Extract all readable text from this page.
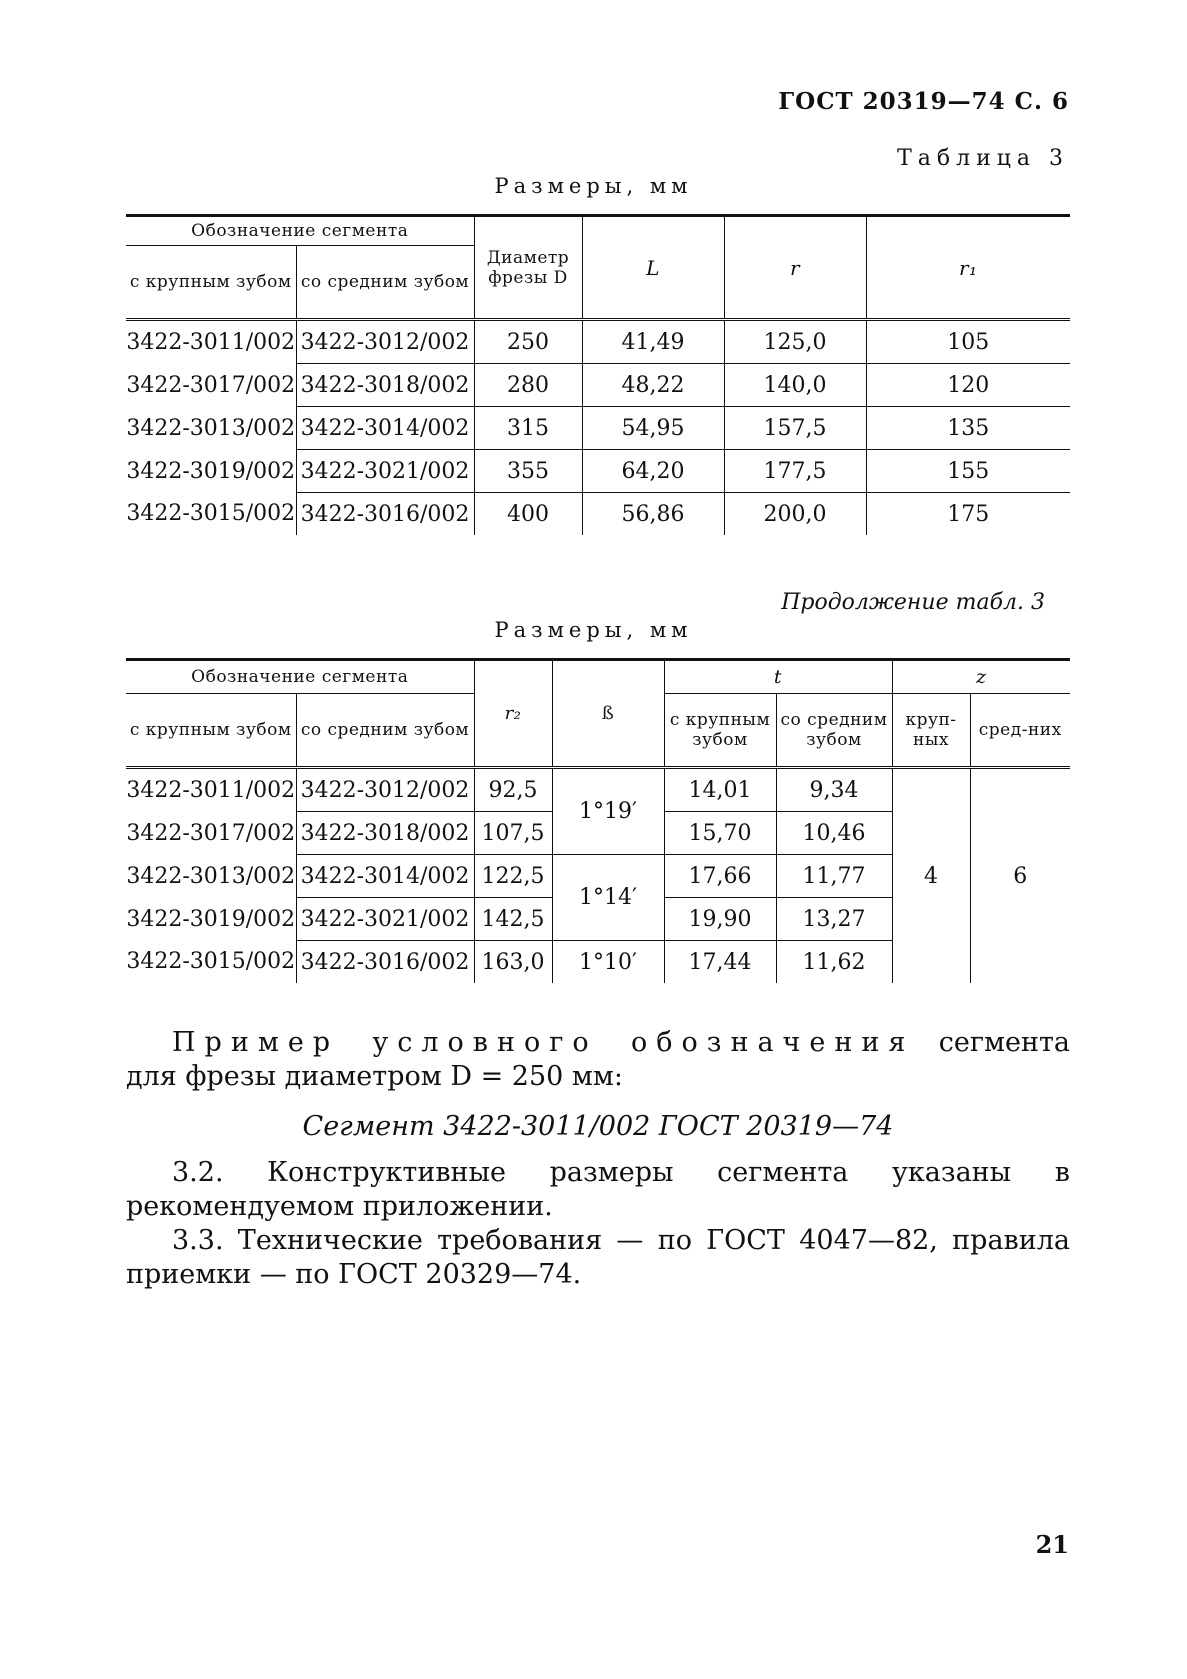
ГОСТ 20319—74 С. 6
Таблица 3
Размеры, мм
Обозначение сегмента		Диаметр фрезы D	L	r	r₁
с крупным зубом	со средним зубом				
3422-3011/002	3422-3012/002	250	41,49	125,0	105
3422-3017/002	3422-3018/002	280	48,22	140,0	120
3422-3013/002	3422-3014/002	315	54,95	157,5	135
3422-3019/002	3422-3021/002	355	64,20	177,5	155
3422-3015/002	3422-3016/002	400	56,86	200,0	175
Продолжение табл. 3
Размеры, мм
Обозначение сегмента		r₂	ß	t		z	
с крупным зубом	со средним зубом			с крупным зубом	со средним зубом	круп-ных	сред-них
3422-3011/002	3422-3012/002	92,5	1°19′	14,01	9,34	4	6
3422-3017/002	3422-3018/002	107,5		15,70	10,46		
3422-3013/002	3422-3014/002	122,5	1°14′	17,66	11,77		
3422-3019/002	3422-3021/002	142,5		19,90	13,27		
3422-3015/002	3422-3016/002	163,0	1°10′	17,44	11,62		

Пример условного обозначения сегмента для фрезы диаметром D = 250 мм:

Сегмент 3422-3011/002 ГОСТ 20319—74

3.2. Конструктивные размеры сегмента указаны в рекомендуемом приложении.

3.3. Технические требования — по ГОСТ 4047—82, правила приемки — по ГОСТ 20329—74.

21
